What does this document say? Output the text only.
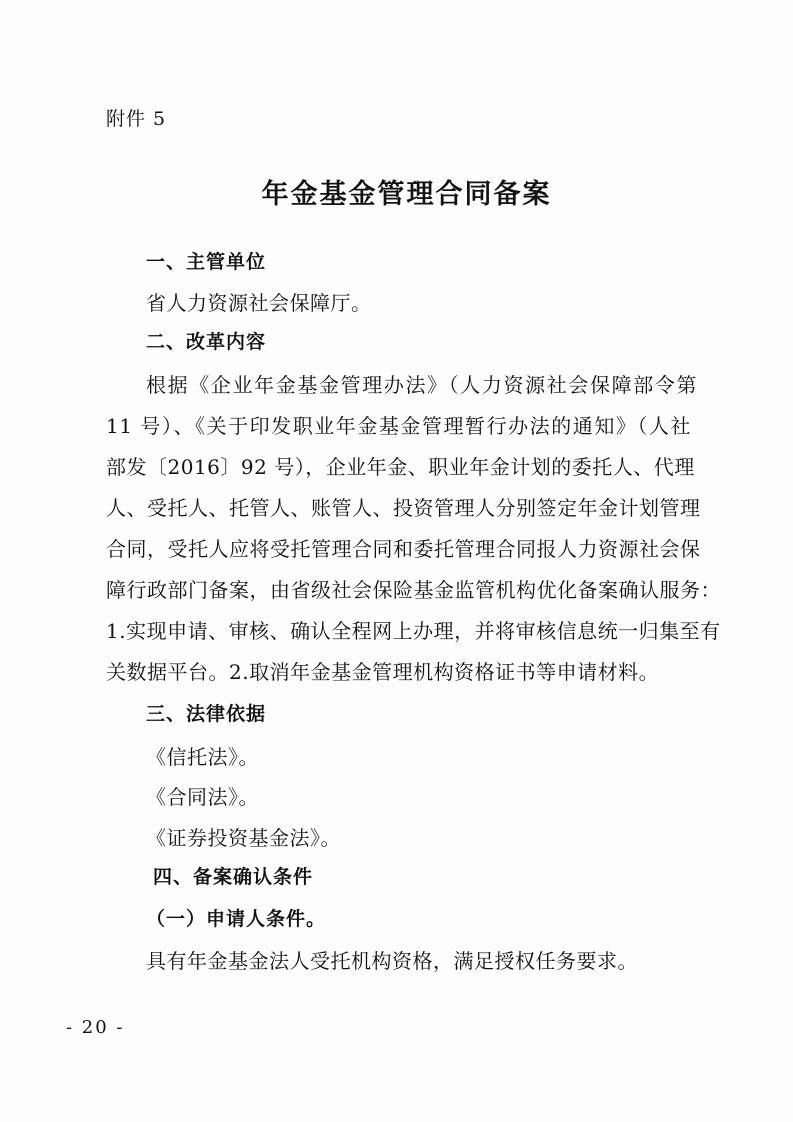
附件 5
年金基金管理合同备案
一、主管单位
省人力资源社会保障厅。
二、改革内容
根据《企业年金基金管理办法》（人力资源社会保障部令第
11 号）、《关于印发职业年金基金管理暂行办法的通知》（人社
部发〔2016〕92 号），企业年金、职业年金计划的委托人、代理
人、受托人、托管人、账管人、投资管理人分别签定年金计划管理
合同，受托人应将受托管理合同和委托管理合同报人力资源社会保
障行政部门备案，由省级社会保险基金监管机构优化备案确认服务：
1.实现申请、审核、确认全程网上办理，并将审核信息统一归集至有
关数据平台。2.取消年金基金管理机构资格证书等申请材料。
三、法律依据
《信托法》。
《合同法》。
《证券投资基金法》。
四、备案确认条件
（一）申请人条件。
具有年金基金法人受托机构资格，满足授权任务要求。
- 20 -
